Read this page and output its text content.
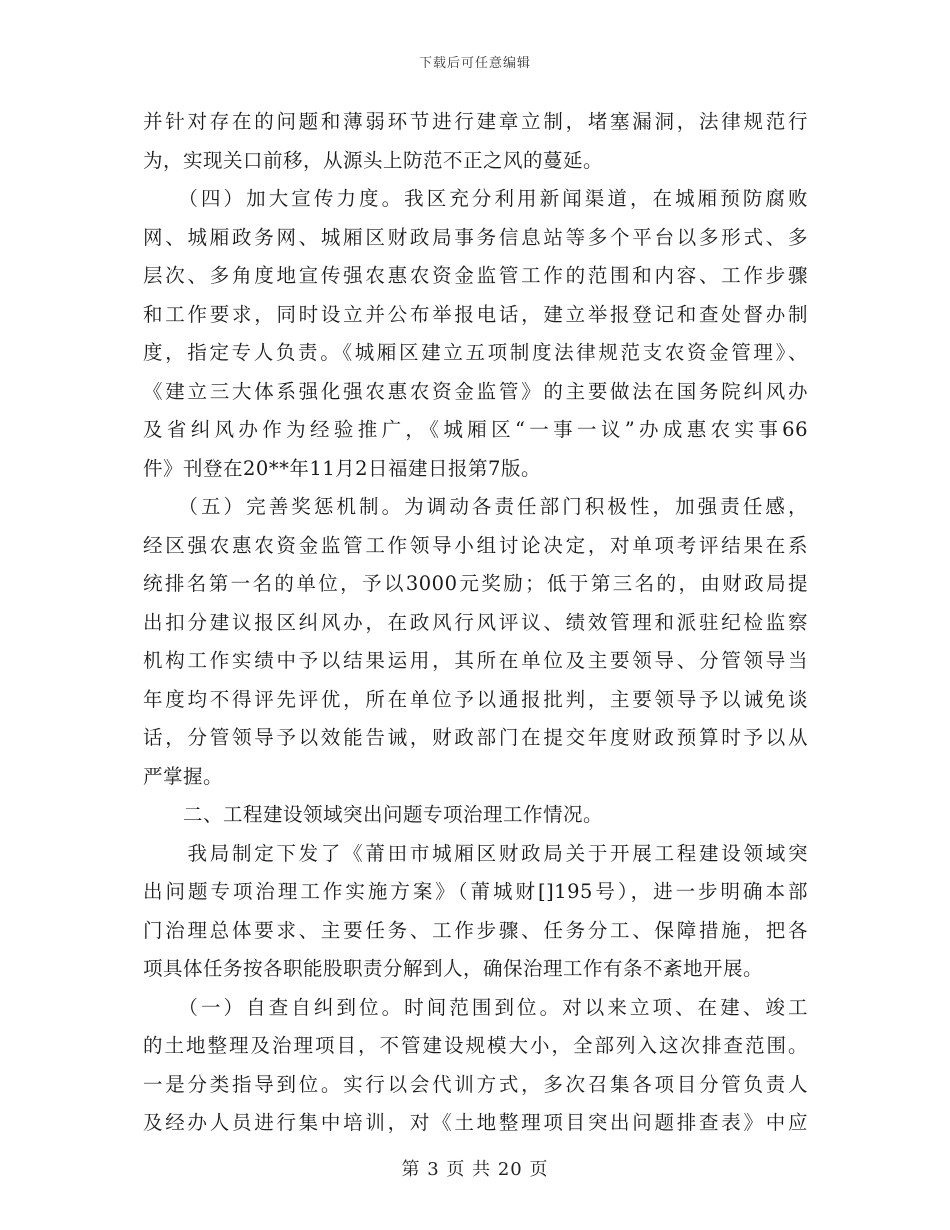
下载后可任意编辑
并针对存在的问题和薄弱环节进行建章立制，堵塞漏洞，法律规范行
为，实现关口前移，从源头上防范不正之风的蔓延。
　　（四）加大宣传力度。我区充分利用新闻渠道，在城厢预防腐败
网、城厢政务网、城厢区财政局事务信息站等多个平台以多形式、多
层次、多角度地宣传强农惠农资金监管工作的范围和内容、工作步骤
和工作要求，同时设立并公布举报电话，建立举报登记和查处督办制
度，指定专人负责。《城厢区建立五项制度法律规范支农资金管理》、
《建立三大体系强化强农惠农资金监管》的主要做法在国务院纠风办
及省纠风办作为经验推广，《城厢区“一事一议”办成惠农实事66
件》刊登在20**年11月2日福建日报第7版。
　　（五）完善奖惩机制。为调动各责任部门积极性，加强责任感，
经区强农惠农资金监管工作领导小组讨论决定，对单项考评结果在系
统排名第一名的单位，予以3000元奖励；低于第三名的，由财政局提
出扣分建议报区纠风办，在政风行风评议、绩效管理和派驻纪检监察
机构工作实绩中予以结果运用，其所在单位及主要领导、分管领导当
年度均不得评先评优，所在单位予以通报批判，主要领导予以诫免谈
话，分管领导予以效能告诫，财政部门在提交年度财政预算时予以从
严掌握。
　　二、工程建设领域突出问题专项治理工作情况。
　　我局制定下发了《莆田市城厢区财政局关于开展工程建设领域突
出问题专项治理工作实施方案》（莆城财[]195号），进一步明确本部
门治理总体要求、主要任务、工作步骤、任务分工、保障措施，把各
项具体任务按各职能股职责分解到人，确保治理工作有条不紊地开展。
　　（一）自查自纠到位。时间范围到位。对以来立项、在建、竣工
的土地整理及治理项目，不管建设规模大小，全部列入这次排查范围。
一是分类指导到位。实行以会代训方式，多次召集各项目分管负责人
及经办人员进行集中培训，对《土地整理项目突出问题排查表》中应
第 3 页 共 20 页
